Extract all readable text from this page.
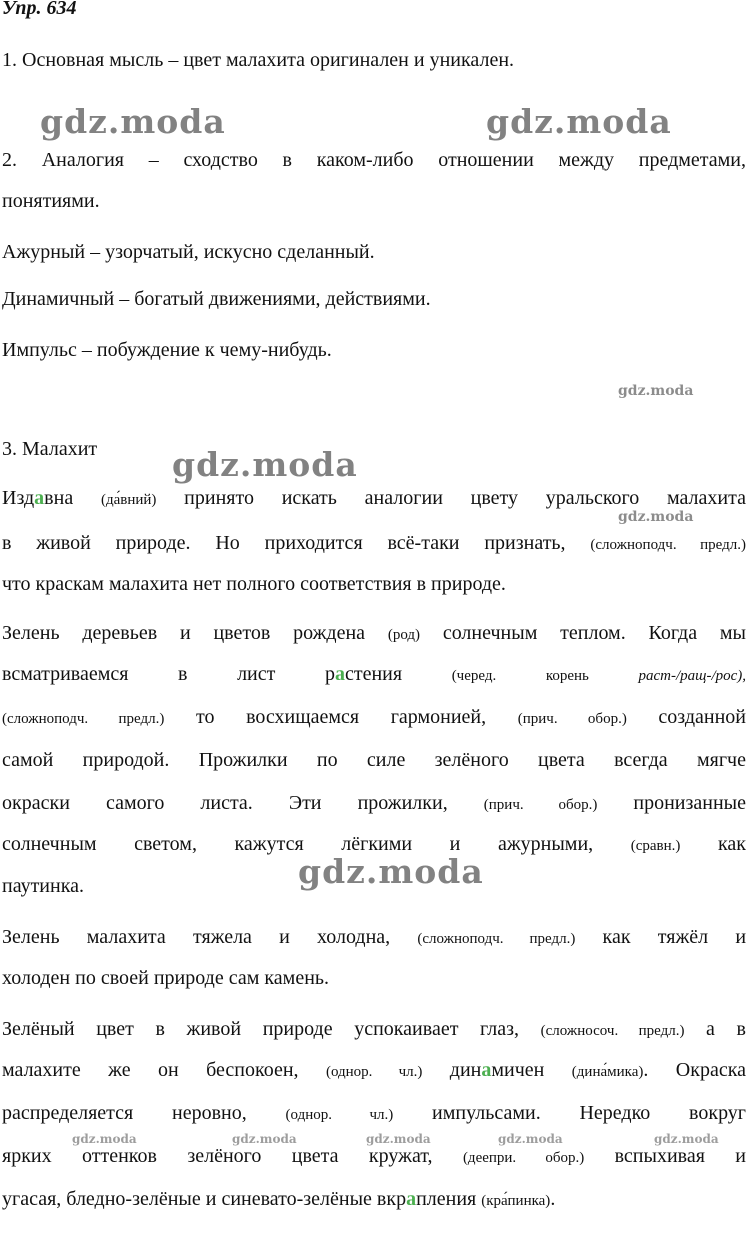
Упр. 634
1. Основная мысль – цвет малахита оригинален и уникален.
2. Аналогия – сходство в каком-либо отношении между предметами,
понятиями.
Ажурный – узорчатый, искусно сделанный.
Динамичный – богатый движениями, действиями.
Импульс – побуждение к чему-нибудь.
3. Малахит
Издавна (да́вний) принято искать аналогии цвету уральского малахита
в живой природе. Но приходится всё-таки признать, (сложноподч. предл.)
что краскам малахита нет полного соответствия в природе.
Зелень деревьев и цветов рождена (род) солнечным теплом. Когда мы
всматриваемся в лист растения	(черед.	корень	раст-/ращ-/рос),
(сложноподч. предл.) то восхищаемся гармонией, (прич. обор.) созданной
самой природой. Прожилки по силе зелёного цвета всегда мягче
окраски самого листа. Эти прожилки, (прич. обор.) пронизанные
солнечным светом, кажутся лёгкими и ажурными, (сравн.) как
паутинка.
Зелень малахита тяжела и холодна, (сложноподч. предл.) как тяжёл и
холоден по своей природе сам камень.
Зелёный цвет в живой природе успокаивает глаз, (сложносоч. предл.) а в
малахите же он беспокоен, (однор. чл.) динамичен (дина́мика). Окраска
распределяется неровно, (однор. чл.) импульсами. Нередко вокруг
ярких оттенков зелёного цвета кружат, (деепри. обор.) вспыхивая и
угасая, бледно-зелёные и синевато-зелёные вкрапления (кра́пинка).
gdz.moda	gdz.moda
gdz.moda
gdz.moda
gdz.moda
gdz.moda
gdz.moda	gdz.moda	gdz.moda	gdz.moda	gdz.moda
